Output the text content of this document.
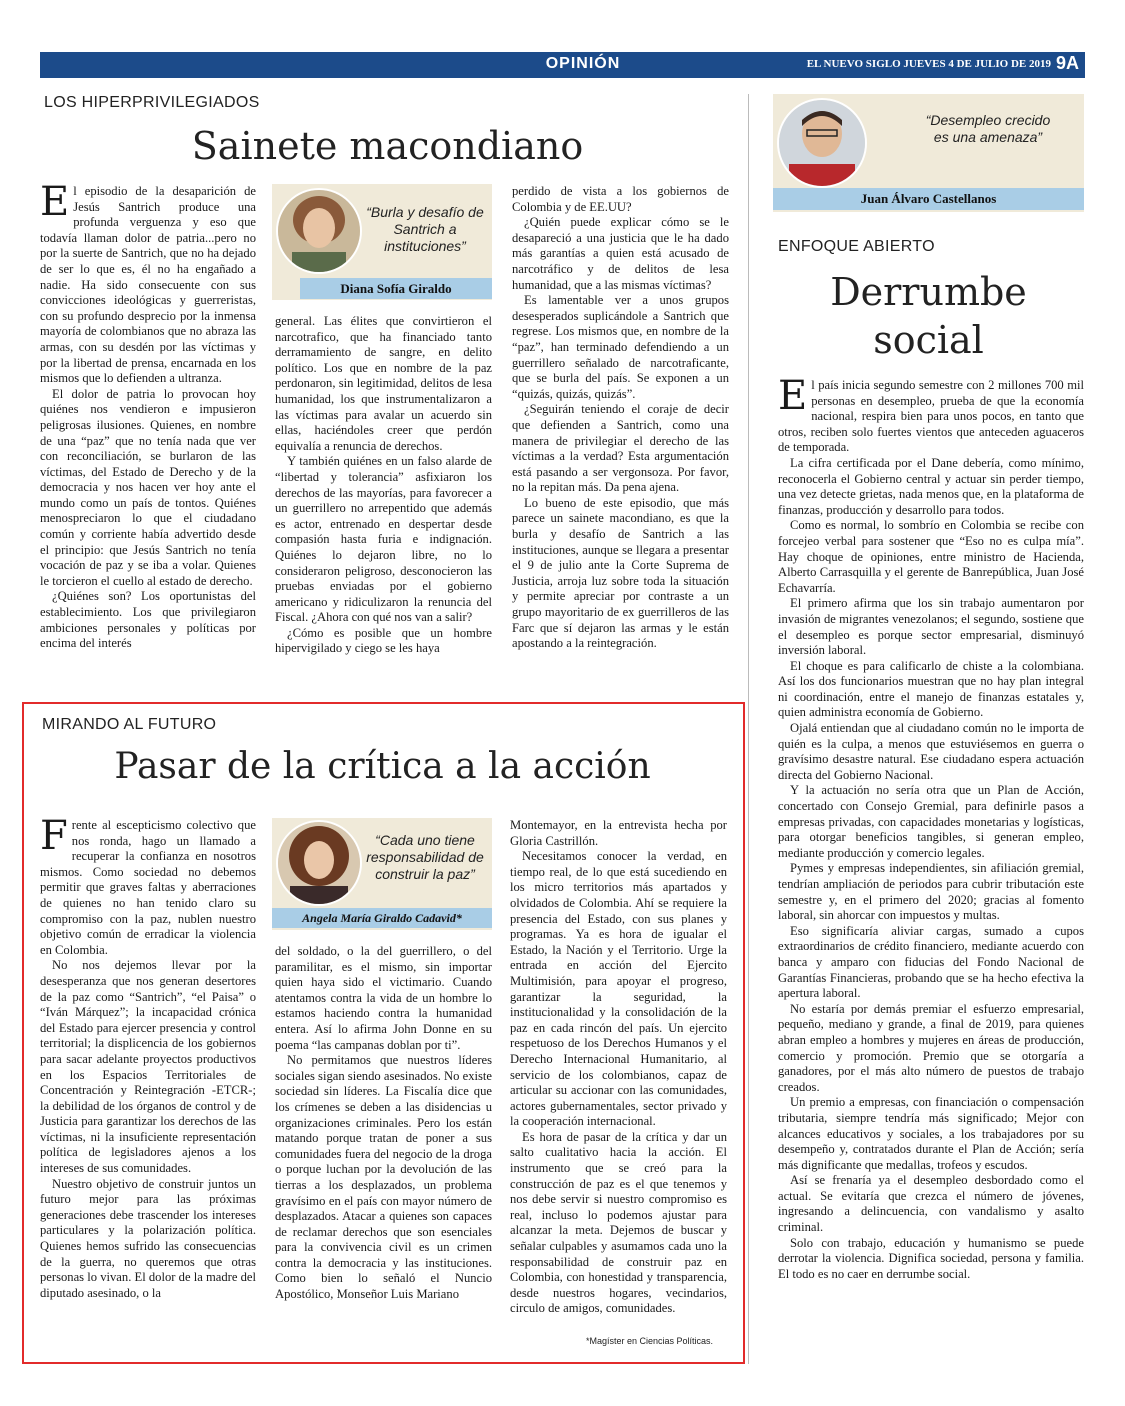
OPINIÓN	EL NUEVO SIGLO JUEVES 4 DE JULIO DE 2019 9A
LOS HIPERPRIVILEGIADOS
Sainete macondiano

El episodio de la desaparición de Jesús Santrich produce una profunda verguenza y eso que todavía llaman dolor de patria...pero no por la suerte de Santrich, que no ha dejado de ser lo que es, él no ha engañado a nadie. Ha sido consecuente con sus convicciones ideológicas y guerreristas, con su profundo desprecio por la inmensa mayoría de colombianos que no abraza las armas, con su desdén por las víctimas y por la libertad de prensa, encarnada en los mismos que lo defienden a ultranza.

El dolor de patria lo provocan hoy quiénes nos vendieron e impusieron peligrosas ilusiones. Quienes, en nombre de una “paz” que no tenía nada que ver con reconciliación, se burlaron de las víctimas, del Estado de Derecho y de la democracia y nos hacen ver hoy ante el mundo como un país de tontos. Quiénes menospreciaron lo que el ciudadano común y corriente había advertido desde el principio: que Jesús Santrich no tenía vocación de paz y se iba a volar. Quienes le torcieron el cuello al estado de derecho.

¿Quiénes son? Los oportunistas del establecimiento. Los que privilegiaron ambiciones personales y políticas por encima del interés

“Burla y desafío de Santrich a instituciones”
Diana Sofía Giraldo

general. Las élites que convirtieron el narcotrafico, que ha financiado tanto derramamiento de sangre, en delito político. Los que en nombre de la paz perdonaron, sin legitimidad, delitos de lesa humanidad, los que instrumentalizaron a las víctimas para avalar un acuerdo sin ellas, haciéndoles creer que perdón equivalía a renuncia de derechos.

Y también quiénes en un falso alarde de “libertad y tolerancia” asfixiaron los derechos de las mayorías, para favorecer a un guerrillero no arrepentido que además es actor, entrenado en despertar desde compasión hasta furia e indignación. Quiénes lo dejaron libre, no lo consideraron peligroso, desconocieron las pruebas enviadas por el gobierno americano y ridiculizaron la renuncia del Fiscal. ¿Ahora con qué nos van a salir?

¿Cómo es posible que un hombre hipervigilado y ciego se les haya

perdido de vista a los gobiernos de Colombia y de EE.UU?

¿Quién puede explicar cómo se le desapareció a una justicia que le ha dado más garantías a quien está acusado de narcotráfico y de delitos de lesa humanidad, que a las mismas víctimas?

Es lamentable ver a unos grupos desesperados suplicándole a Santrich que regrese. Los mismos que, en nombre de la “paz”, han terminado defendiendo a un guerrillero señalado de narcotraficante, que se burla del país. Se exponen a un “quizás, quizás, quizás”.

¿Seguirán teniendo el coraje de decir que defienden a Santrich, como una manera de privilegiar el derecho de las víctimas a la verdad? Esta argumentación está pasando a ser vergonsoza. Por favor, no la repitan más. Da pena ajena.

Lo bueno de este episodio, que más parece un sainete macondiano, es que la burla y desafío de Santrich a las instituciones, aunque se llegara a presentar el 9 de julio ante la Corte Suprema de Justicia, arroja luz sobre toda la situación y permite apreciar por contraste a un grupo mayoritario de ex guerrilleros de las Farc que sí dejaron las armas y le están apostando a la reintegración.

MIRANDO AL FUTURO
Pasar de la crítica a la acción

Frente al escepticismo colectivo que nos ronda, hago un llamado a recuperar la confianza en nosotros mismos. Como sociedad no debemos permitir que graves faltas y aberraciones de quienes no han tenido claro su compromiso con la paz, nublen nuestro objetivo común de erradicar la violencia en Colombia.

No nos dejemos llevar por la desesperanza que nos generan desertores de la paz como “Santrich”, “el Paisa” o “Iván Márquez”; la incapacidad crónica del Estado para ejercer presencia y control territorial; la displicencia de los gobiernos para sacar adelante proyectos productivos en los Espacios Territoriales de Concentración y Reintegración -ETCR-; la debilidad de los órganos de control y de Justicia para garantizar los derechos de las víctimas, ni la insuficiente representación política de legisladores ajenos a los intereses de sus comunidades.

Nuestro objetivo de construir juntos un futuro mejor para las próximas generaciones debe trascender los intereses particulares y la polarización política. Quienes hemos sufrido las consecuencias de la guerra, no queremos que otras personas lo vivan. El dolor de la madre del diputado asesinado, o la

“Cada uno tiene responsabilidad de construir la paz”
Angela María Giraldo Cadavid*

del soldado, o la del guerrillero, o del paramilitar, es el mismo, sin importar quien haya sido el victimario. Cuando atentamos contra la vida de un hombre lo estamos haciendo contra la humanidad entera. Así lo afirma John Donne en su poema “las campanas doblan por ti”.

No permitamos que nuestros líderes sociales sigan siendo asesinados. No existe sociedad sin líderes. La Fiscalía dice que los crímenes se deben a las disidencias u organizaciones criminales. Pero los están matando porque tratan de poner a sus comunidades fuera del negocio de la droga o porque luchan por la devolución de las tierras a los desplazados, un problema gravísimo en el país con mayor número de desplazados. Atacar a quienes son capaces de reclamar derechos que son esenciales para la convivencia civil es un crimen contra la democracia y las instituciones. Como bien lo señaló el Nuncio Apostólico, Monseñor Luis Mariano

Montemayor, en la entrevista hecha por Gloria Castrillón.

Necesitamos conocer la verdad, en tiempo real, de lo que está sucediendo en los micro territorios más apartados y olvidados de Colombia. Ahí se requiere la presencia del Estado, con sus planes y programas. Ya es hora de igualar el Estado, la Nación y el Territorio. Urge la entrada en acción del Ejercito Multimisión, para apoyar el progreso, garantizar la seguridad, la institucionalidad y la consolidación de la paz en cada rincón del país. Un ejercito respetuoso de los Derechos Humanos y el Derecho Internacional Humanitario, al servicio de los colombianos, capaz de articular su accionar con las comunidades, actores gubernamentales, sector privado y la cooperación internacional.

Es hora de pasar de la crítica y dar un salto cualitativo hacia la acción. El instrumento que se creó para la construcción de paz es el que tenemos y nos debe servir si nuestro compromiso es real, incluso lo podemos ajustar para alcanzar la meta. Dejemos de buscar y señalar culpables y asumamos cada uno la responsabilidad de construir paz en Colombia, con honestidad y transparencia, desde nuestros hogares, vecindarios, circulo de amigos, comunidades.

*Magíster en Ciencias Políticas.
“Desempleo crecido es una amenaza”
Juan Álvaro Castellanos
ENFOQUE ABIERTO
Derrumbe
social

El país inicia segundo semestre con 2 millones 700 mil personas en desempleo, prueba de que la economía nacional, respira bien para unos pocos, en tanto que otros, reciben solo fuertes vientos que anteceden aguaceros de temporada.

La cifra certificada por el Dane debería, como mínimo, reconocerla el Gobierno central y actuar sin perder tiempo, una vez detecte grietas, nada menos que, en la plataforma de finanzas, producción y desarrollo para todos.

Como es normal, lo sombrío en Colombia se recibe con forcejeo verbal para sostener que “Eso no es culpa mía”. Hay choque de opiniones, entre ministro de Hacienda, Alberto Carrasquilla y el gerente de Banrepública, Juan José Echavarría.

El primero afirma que los sin trabajo aumentaron por invasión de migrantes venezolanos; el segundo, sostiene que el desempleo es porque sector empresarial, disminuyó inversión laboral.

El choque es para calificarlo de chiste a la colombiana. Así los dos funcionarios muestran que no hay plan integral ni coordinación, entre el manejo de finanzas estatales y, quien administra economía de Gobierno.

Ojalá entiendan que al ciudadano común no le importa de quién es la culpa, a menos que estuviésemos en guerra o gravísimo desastre natural. Ese ciudadano espera actuación directa del Gobierno Nacional.

Y la actuación no sería otra que un Plan de Acción, concertado con Consejo Gremial, para definirle pasos a empresas privadas, con capacidades monetarias y logísticas, para otorgar beneficios tangibles, si generan empleo, mediante producción y comercio legales.

Pymes y empresas independientes, sin afiliación gremial, tendrían ampliación de periodos para cubrir tributación este semestre y, en el primero del 2020; gracias al fomento laboral, sin ahorcar con impuestos y multas.

Eso significaría aliviar cargas, sumado a cupos extraordinarios de crédito financiero, mediante acuerdo con banca y amparo con fiducias del Fondo Nacional de Garantías Financieras, probando que se ha hecho efectiva la apertura laboral.

No estaría por demás premiar el esfuerzo empresarial, pequeño, mediano y grande, a final de 2019, para quienes abran empleo a hombres y mujeres en áreas de producción, comercio y promoción. Premio que se otorgaría a ganadores, por el más alto número de puestos de trabajo creados.

Un premio a empresas, con financiación o compensación tributaria, siempre tendría más significado; Mejor con alcances educativos y sociales, a los trabajadores por su desempeño y, contratados durante el Plan de Acción; sería más dignificante que medallas, trofeos y escudos.

Así se frenaría ya el desempleo desbordado como el actual. Se evitaría que crezca el número de jóvenes, ingresando a delincuencia, con vandalismo y asalto criminal.

Solo con trabajo, educación y humanismo se puede derrotar la violencia. Dignifica sociedad, persona y familia. El todo es no caer en derrumbe social.
